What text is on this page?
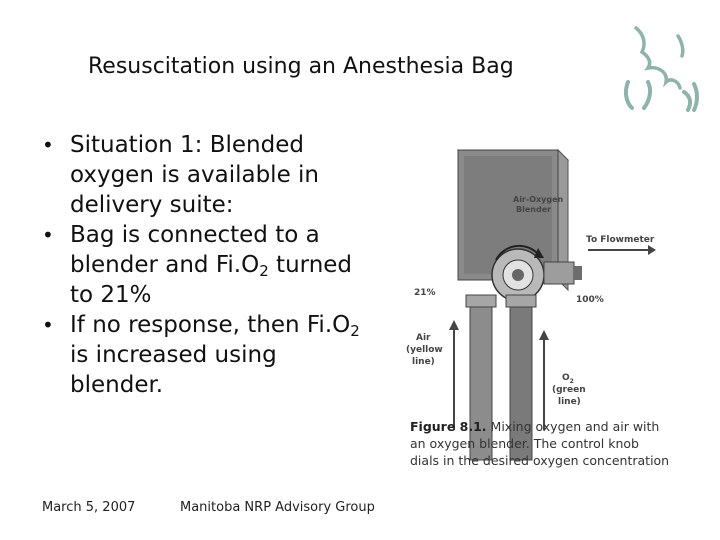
Resuscitation using an Anesthesia Bag
• Situation 1: Blended oxygen is available in delivery suite:
• Bag is connected to a blender and $Fi.O_2$ turned to 21%
• If no response, then $Fi.O_2$ is increased using blender.
Air-Oxygen
Blender
To Flowmeter
21%
100%
Air
(yellow
line)
$O_2$
(green
line)
Figure 8.1. Mixing oxygen and air with an oxygen blender. The control knob dials in the desired oxygen concentration
March 5, 2007	Manitoba NRP Advisory Group
